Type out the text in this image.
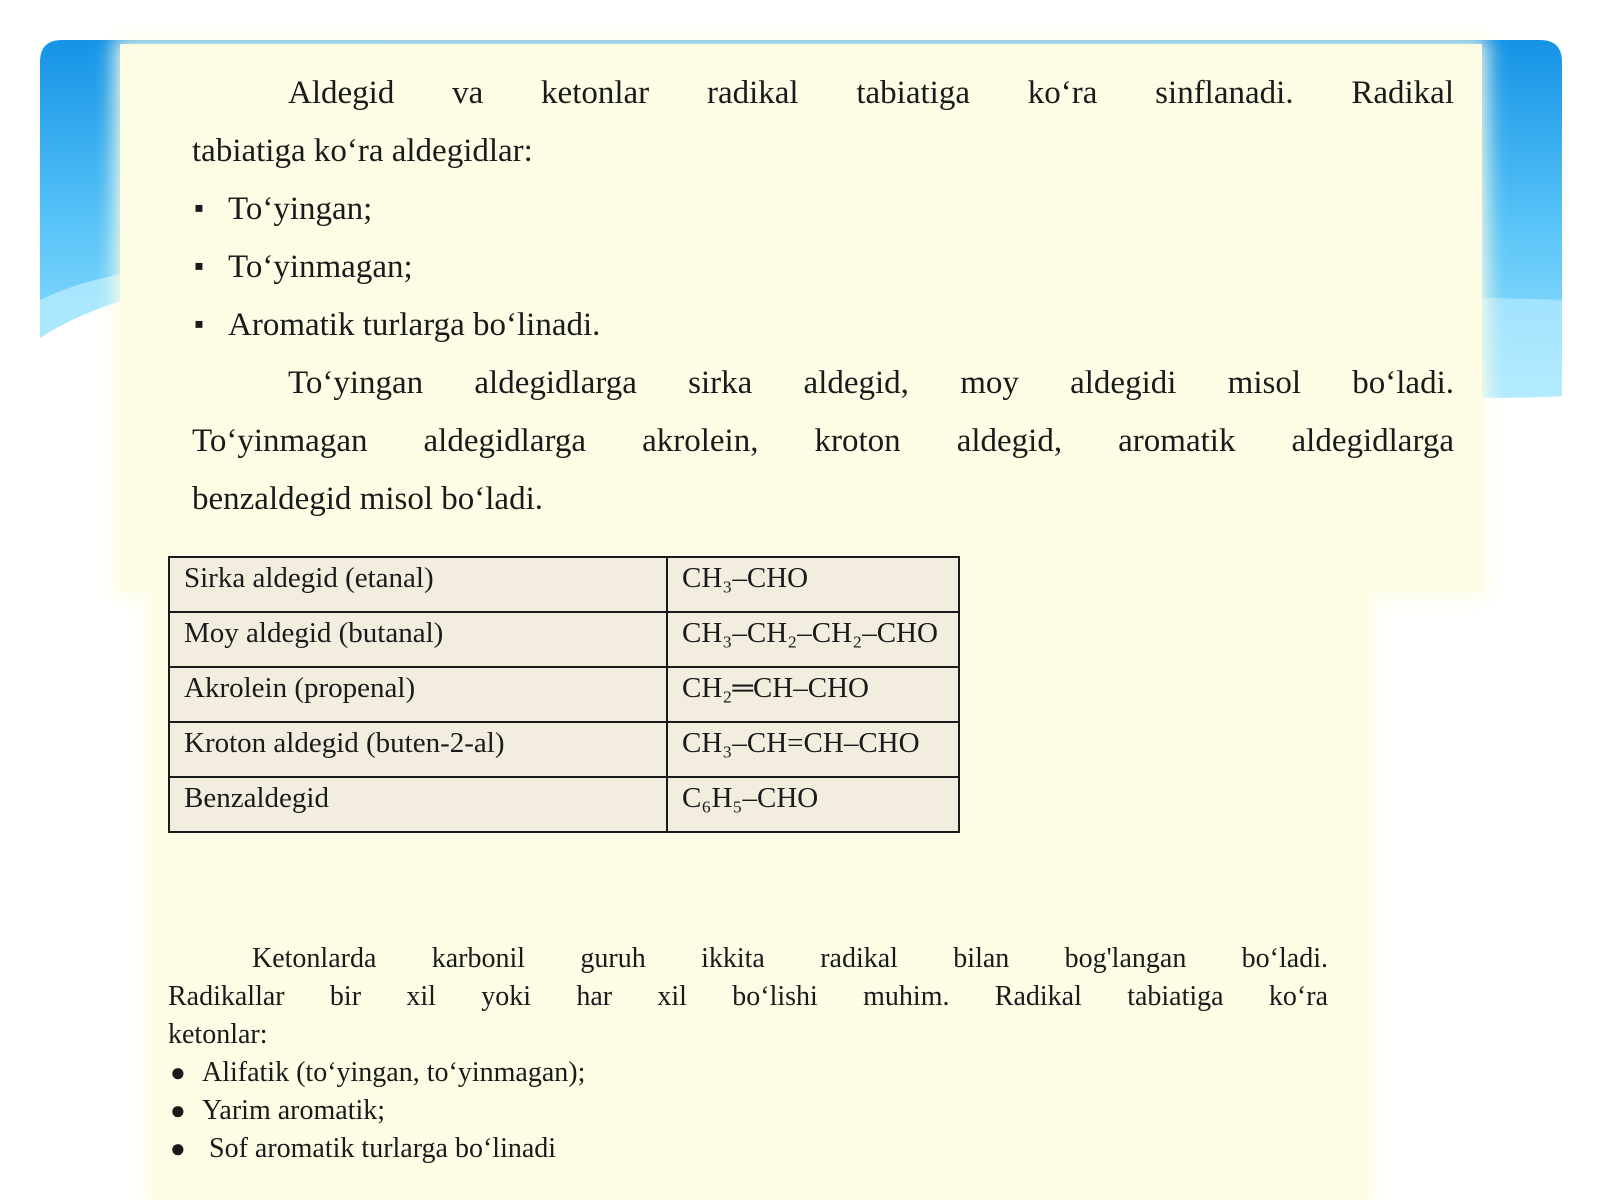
Aldegid va ketonlar radikal tabiatiga ko‘ra sinflanadi. Radikal

tabiatiga ko‘ra aldegidlar:

▪ To‘yingan;
▪ To‘yinmagan;
▪ Aromatik turlarga bo‘linadi.

To‘yingan aldegidlarga sirka aldegid, moy aldegidi misol bo‘ladi.

To‘yinmagan aldegidlarga akrolein, kroton aldegid, aromatik aldegidlarga

benzaldegid misol bo‘ladi.

Sirka aldegid (etanal)	CH₃–CHO
Moy aldegid (butanal)	CH₃–CH₂–CH₂–CHO
Akrolein (propenal)	CH₂═CH–CHO
Kroton aldegid (buten-2-al)	CH₃–CH=CH–CHO
Benzaldegid	C₆H₅–CHO

Ketonlarda karbonil guruh ikkita radikal bilan bog'langan bo‘ladi.

Radikallar bir xil yoki har xil bo‘lishi muhim. Radikal tabiatiga ko‘ra

ketonlar:

● Alifatik (to‘yingan, to‘yinmagan);
● Yarim aromatik;
● Sof aromatik turlarga bo‘linadi
